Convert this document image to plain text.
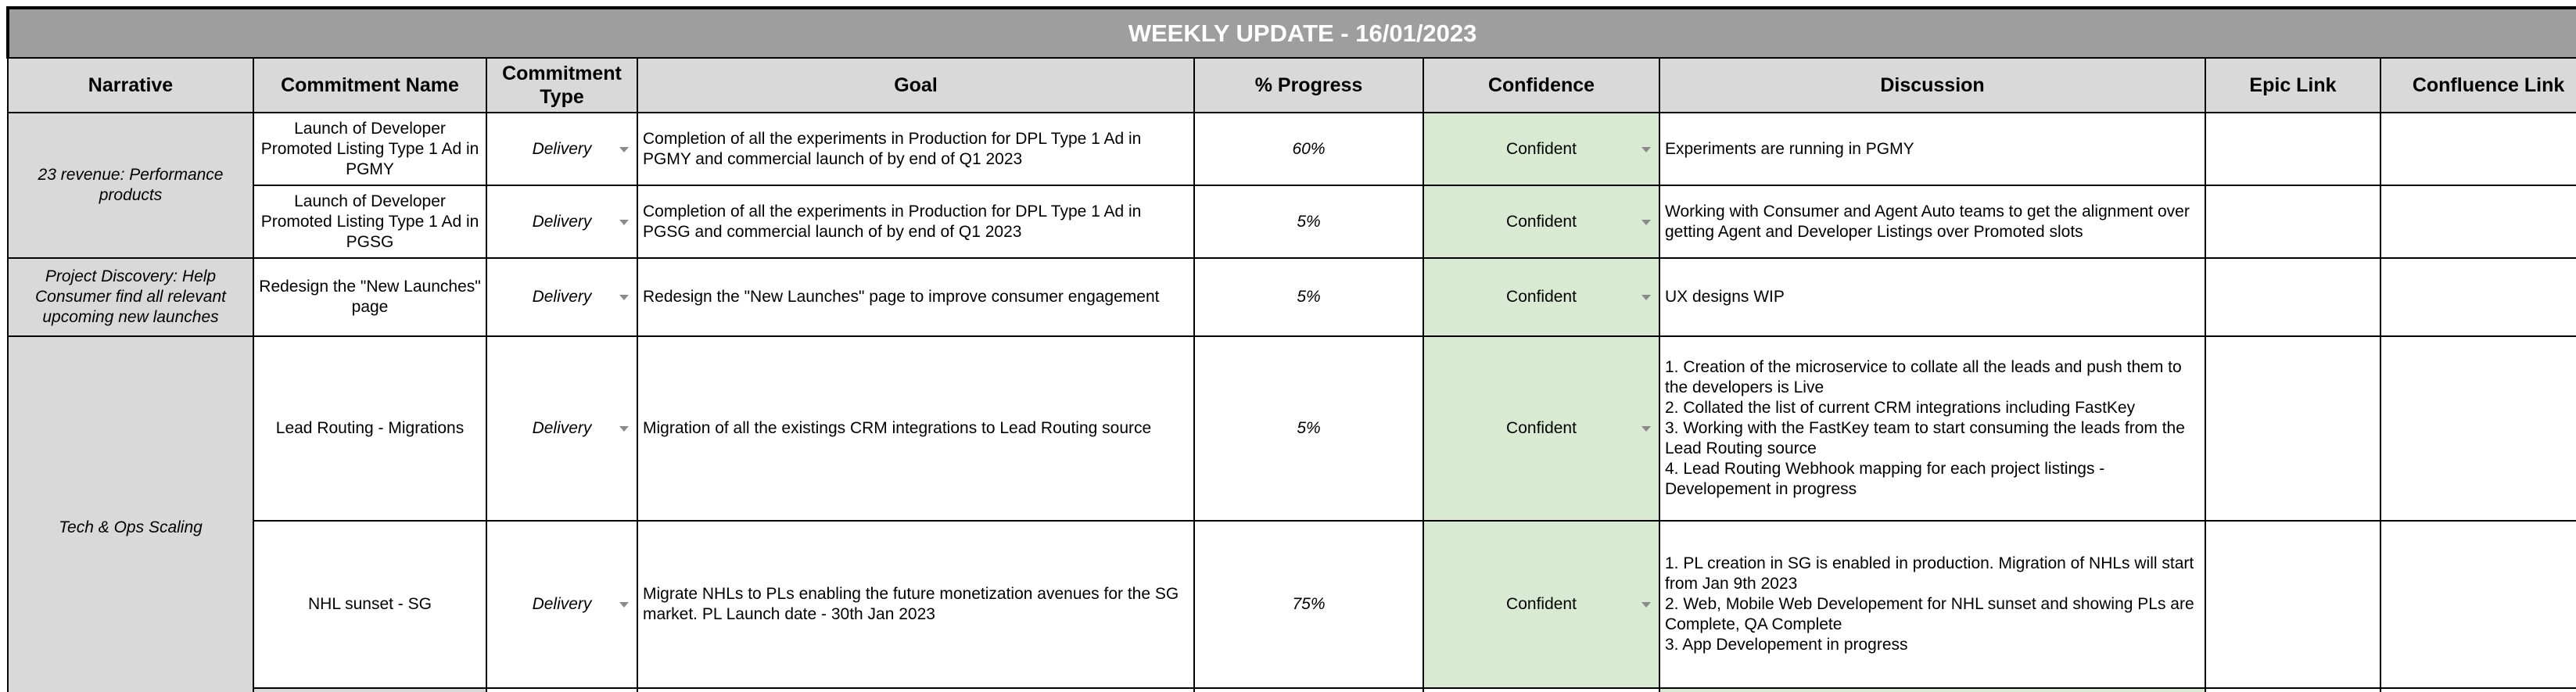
WEEKLY UPDATE - 16/01/2023									
Narrative	Commitment Name	Commitment Type	Goal	% Progress	Confidence	Discussion	Epic Link	Confluence Link	
23 revenue: Performance products	Launch of Developer Promoted Listing Type 1 Ad in PGMY	Delivery	Completion of all the experiments in Production for DPL Type 1 Ad in PGMY and commercial launch of by end of Q1 2023	60%	Confident	Experiments are running in PGMY			

	Launch of Developer Promoted Listing Type 1 Ad in PGSG	Delivery	Completion of all the experiments in Production for DPL Type 1 Ad in PGSG and commercial launch of by end of Q1 2023	5%	Confident	Working with Consumer and Agent Auto teams to get the alignment over getting Agent and Developer Listings over Promoted slots			

Project Discovery: Help Consumer find all relevant upcoming new launches	Redesign the "New Launches" page	Delivery	Redesign the "New Launches" page to improve consumer engagement	5%	Confident	UX designs WIP			

Tech & Ops Scaling	Lead Routing - Migrations	Delivery	Migration of all the existings CRM integrations to Lead Routing source	5%	Confident	1. Creation of the microservice to collate all the leads and push them to the developers is Live
2. Collated the list of current CRM integrations including FastKey
3. Working with the FastKey team to start consuming the leads from the Lead Routing source
4. Lead Routing Webhook mapping for each project listings - Developement in progress			

	NHL sunset - SG	Delivery	Migrate NHLs to PLs enabling the future monetization avenues for the SG market. PL Launch date - 30th Jan 2023	75%	Confident	1. PL creation in SG is enabled in production. Migration of NHLs will start from Jan 9th 2023
2. Web, Mobile Web Developement for NHL sunset and showing PLs are Complete, QA Complete
3. App Developement in progress			
